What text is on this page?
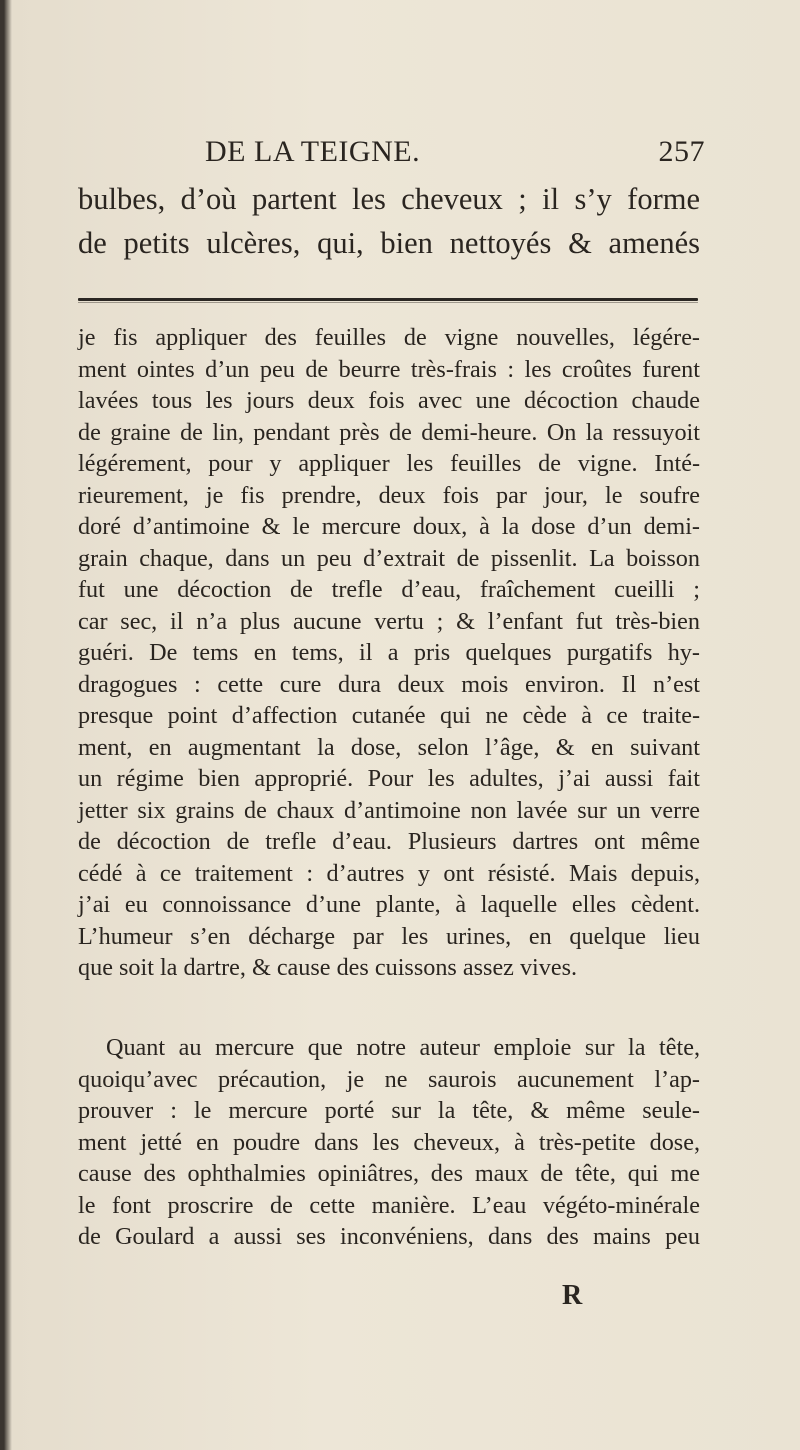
DE LA TEIGNE.	257
bulbes, d’où partent les cheveux ; il s’y forme
de petits ulcères, qui, bien nettoyés & amenés
je fis appliquer des feuilles de vigne nouvelles, légére-
ment ointes d’un peu de beurre très-frais : les croûtes furent
lavées tous les jours deux fois avec une décoction chaude
de graine de lin, pendant près de demi-heure. On la ressuyoit
légérement, pour y appliquer les feuilles de vigne. Inté-
rieurement, je fis prendre, deux fois par jour, le soufre
doré d’antimoine & le mercure doux, à la dose d’un demi-
grain chaque, dans un peu d’extrait de pissenlit. La boisson
fut une décoction de trefle d’eau, fraîchement cueilli ;
car sec, il n’a plus aucune vertu ; & l’enfant fut très-bien
guéri. De tems en tems, il a pris quelques purgatifs hy-
dragogues : cette cure dura deux mois environ. Il n’est
presque point d’affection cutanée qui ne cède à ce traite-
ment, en augmentant la dose, selon l’âge, & en suivant
un régime bien approprié. Pour les adultes, j’ai aussi fait
jetter six grains de chaux d’antimoine non lavée sur un verre
de décoction de trefle d’eau. Plusieurs dartres ont même
cédé à ce traitement : d’autres y ont résisté. Mais depuis,
j’ai eu connoissance d’une plante, à laquelle elles cèdent.
L’humeur s’en décharge par les urines, en quelque lieu
que soit la dartre, & cause des cuissons assez vives.
Quant au mercure que notre auteur emploie sur la tête,
quoiqu’avec précaution, je ne saurois aucunement l’ap-
prouver : le mercure porté sur la tête, & même seule-
ment jetté en poudre dans les cheveux, à très-petite dose,
cause des ophthalmies opiniâtres, des maux de tête, qui me
le font proscrire de cette manière. L’eau végéto-minérale
de Goulard a aussi ses inconvéniens, dans des mains peu
R
